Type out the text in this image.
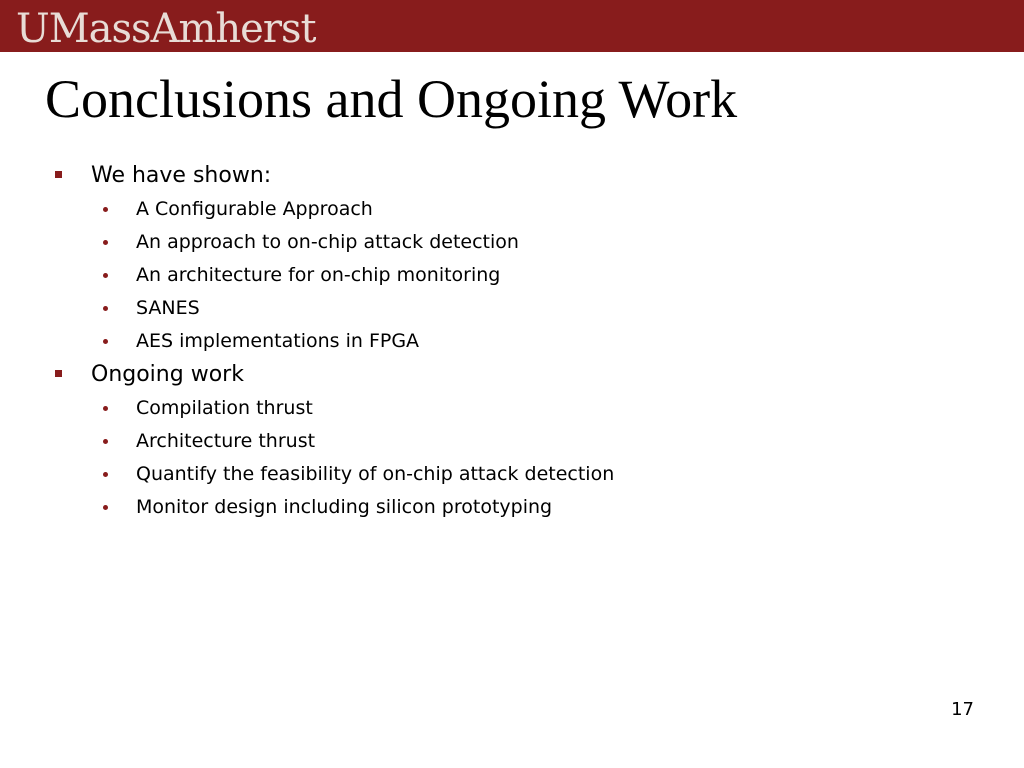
UMassAmherst
Conclusions and Ongoing Work
We have shown:
A Configurable Approach
An approach to on-chip attack detection
An architecture for on-chip monitoring
SANES
AES implementations in FPGA
Ongoing work
Compilation thrust
Architecture thrust
Quantify the feasibility of on-chip attack detection
Monitor design including silicon prototyping
17
